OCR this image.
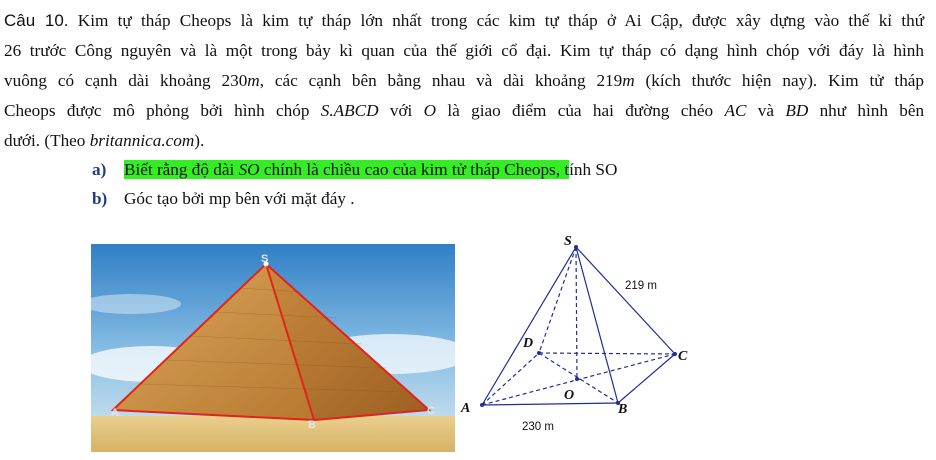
Câu 10. Kim tự tháp Cheops là kim tự tháp lớn nhất trong các kim tự tháp ở Ai Cập, được xây dựng vào thế kỉ thứ
26 trước Công nguyên và là một trong bảy kì quan của thế giới cổ đại. Kim tự tháp có dạng hình chóp với đáy là hình
vuông có cạnh dài khoảng 230m, các cạnh bên bằng nhau và dài khoảng 219m (kích thước hiện nay). Kim tử tháp
Cheops được mô phỏng bởi hình chóp S.ABCD với O là giao điểm của hai đường chéo AC và BD như hình bên
dưới. (Theo britannica.com).
a) Biết rằng độ dài SO chính là chiều cao của kim tử tháp Cheops, tính SO
b) Góc tạo bởi mp bên với mặt đáy .
S
A
B
C
S
A	B
C
D
O
219 m
230 m
